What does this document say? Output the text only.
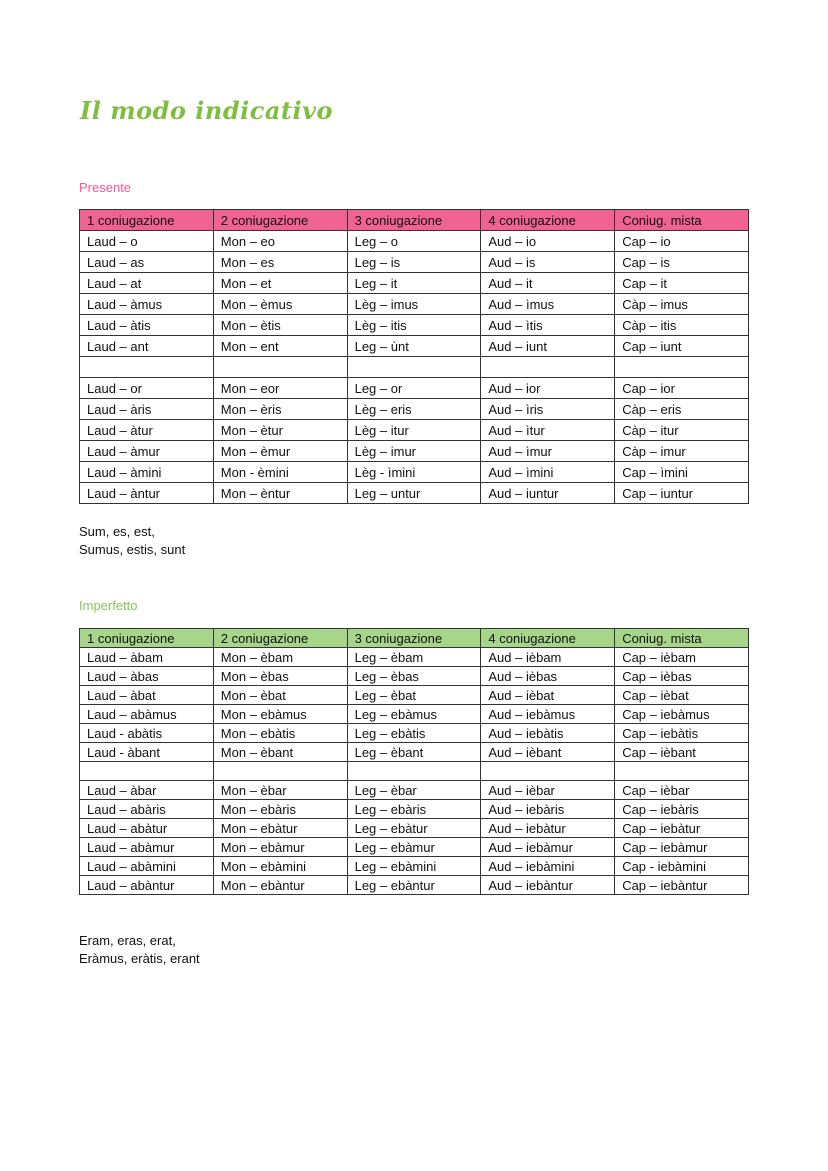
Il modo indicativo
Presente
1 coniugazione	2 coniugazione	3 coniugazione	4 coniugazione	Coniug. mista
Laud – o	Mon – eo	Leg – o	Aud – io	Cap – io
Laud – as	Mon – es	Leg – is	Aud – is	Cap – is
Laud – at	Mon – et	Leg – it	Aud – it	Cap – it
Laud – àmus	Mon – èmus	Lèg – imus	Aud – ìmus	Càp – imus
Laud – àtis	Mon – ètis	Lèg – itis	Aud – ìtis	Càp – itis
Laud – ant	Mon – ent	Leg – ùnt	Aud – iunt	Cap – iunt

Laud – or	Mon – eor	Leg – or	Aud – ior	Cap – ior
Laud – àris	Mon – èris	Lèg – eris	Aud – ìris	Càp – eris
Laud – àtur	Mon – ètur	Lèg – itur	Aud – ìtur	Càp – itur
Laud – àmur	Mon – èmur	Lèg – imur	Aud – ìmur	Càp – imur
Laud – àmini	Mon - èmini	Lèg - ìmini	Aud – ìmini	Cap – ìmini
Laud – àntur	Mon – èntur	Leg – untur	Aud – iuntur	Cap – iuntur
Sum, es, est,
Sumus, estis, sunt
Imperfetto
1 coniugazione	2 coniugazione	3 coniugazione	4 coniugazione	Coniug. mista
Laud – àbam	Mon – èbam	Leg – èbam	Aud – ièbam	Cap – ièbam
Laud – àbas	Mon – èbas	Leg – èbas	Aud – ièbas	Cap – ièbas
Laud – àbat	Mon – èbat	Leg – èbat	Aud – ièbat	Cap – ièbat
Laud – abàmus	Mon – ebàmus	Leg – ebàmus	Aud – iebàmus	Cap – iebàmus
Laud - abàtis	Mon – ebàtis	Leg – ebàtis	Aud – iebàtis	Cap – iebàtis
Laud - àbant	Mon – èbant	Leg – èbant	Aud – ièbant	Cap – ièbant

Laud – àbar	Mon – èbar	Leg – èbar	Aud – ièbar	Cap – ièbar
Laud – abàris	Mon – ebàris	Leg – ebàris	Aud – iebàris	Cap – iebàris
Laud – abàtur	Mon – ebàtur	Leg – ebàtur	Aud – iebàtur	Cap – iebàtur
Laud – abàmur	Mon – ebàmur	Leg – ebàmur	Aud – iebàmur	Cap – iebàmur
Laud – abàmini	Mon – ebàmini	Leg – ebàmini	Aud – iebàmini	Cap - iebàmini
Laud – abàntur	Mon – ebàntur	Leg – ebàntur	Aud – iebàntur	Cap – iebàntur
Eram, eras, erat,
Eràmus, eràtis, erant
